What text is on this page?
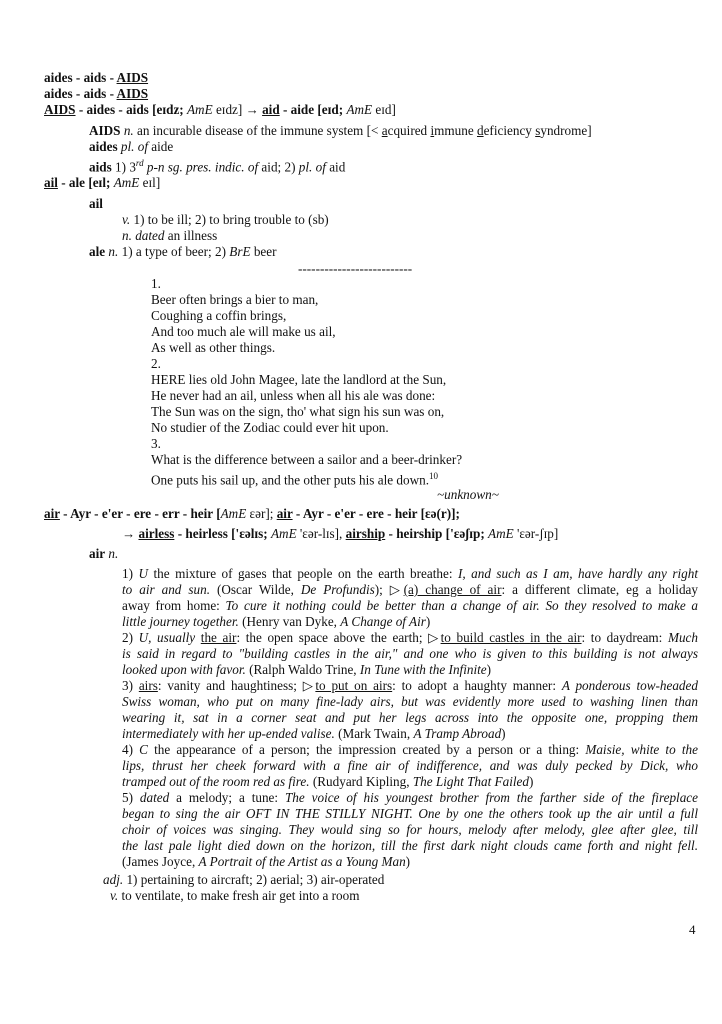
aides - aids - AIDS
aides - aids - AIDS
AIDS - aides - aids [eɪdz; AmE eɪdz] → aid - aide [eɪd; AmE eɪd]
AIDS n. an incurable disease of the immune system [< acquired immune deficiency syndrome]
aides pl. of aide
aids 1) 3rd p-n sg. pres. indic. of aid; 2) pl. of aid
ail - ale [eɪl; AmE eɪl]
ail
v. 1) to be ill; 2) to bring trouble to (sb)
n. dated an illness
ale n. 1) a type of beer; 2) BrE beer
--------------------------
1.
Beer often brings a bier to man,
Coughing a coffin brings,
And too much ale will make us ail,
As well as other things.
2.
HERE lies old John Magee, late the landlord at the Sun,
He never had an ail, unless when all his ale was done:
The Sun was on the sign, tho' what sign his sun was on,
No studier of the Zodiac could ever hit upon.
3.
What is the difference between a sailor and a beer-drinker?
One puts his sail up, and the other puts his ale down.$^{10}$
~unknown~
air - Ayr - e'er - ere - err - heir [AmE ɛər]; air - Ayr - e'er - ere - heir [ɛə(r)];
→ airless - heirless ['ɛəlɪs; AmE 'ɛər-lɪs], airship - heirship ['ɛəʃɪp; AmE 'ɛər-ʃɪp]
air n.
1) U the mixture of gases that people on the earth breathe: I, and such as I am, have hardly any right
to air and sun. (Oscar Wilde, De Profundis); ▷(a) change of air: a different climate, eg a holiday
away from home: To cure it nothing could be better than a change of air. So they resolved to make a
little journey together. (Henry van Dyke, A Change of Air)
2) U, usually the air: the open space above the earth; ▷to build castles in the air: to daydream: Much
is said in regard to "building castles in the air," and one who is given to this building is not always
looked upon with favor. (Ralph Waldo Trine, In Tune with the Infinite)
3) airs: vanity and haughtiness; ▷to put on airs: to adopt a haughty manner: A ponderous tow-headed
Swiss woman, who put on many fine-lady airs, but was evidently more used to washing linen than
wearing it, sat in a corner seat and put her legs across into the opposite one, propping them
intermediately with her up-ended valise. (Mark Twain, A Tramp Abroad)
4) C the appearance of a person; the impression created by a person or a thing: Maisie, white to the
lips, thrust her cheek forward with a fine air of indifference, and was duly pecked by Dick, who
tramped out of the room red as fire. (Rudyard Kipling, The Light That Failed)
5) dated a melody; a tune: The voice of his youngest brother from the farther side of the fireplace
began to sing the air OFT IN THE STILLY NIGHT. One by one the others took up the air until a full
choir of voices was singing. They would sing so for hours, melody after melody, glee after glee, till
the last pale light died down on the horizon, till the first dark night clouds came forth and night fell.
(James Joyce, A Portrait of the Artist as a Young Man)
adj. 1) pertaining to aircraft; 2) aerial; 3) air-operated
v. to ventilate, to make fresh air get into a room
4
